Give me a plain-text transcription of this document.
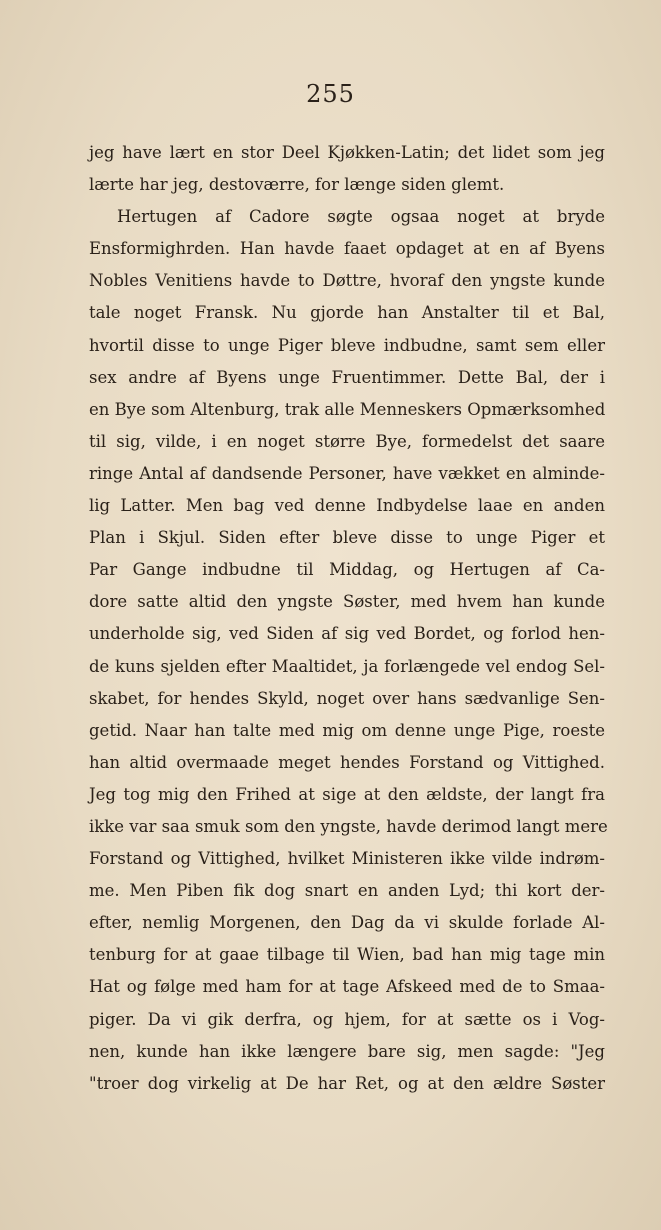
255
jeg have lært en stor Deel Kjøkken-Latin; det lidet som jeg
lærte har jeg, destoværre, for længe siden glemt.
Hertugen af Cadore søgte ogsaa noget at bryde
Ensformighrden. Han havde faaet opdaget at en af Byens
Nobles Venitiens havde to Døttre, hvoraf den yngste kunde
tale noget Fransk. Nu gjorde han Anstalter til et Bal,
hvortil disse to unge Piger bleve indbudne, samt sem eller
sex andre af Byens unge Fruentimmer. Dette Bal, der i
en Bye som Altenburg, trak alle Menneskers Opmærksomhed
til sig, vilde, i en noget større Bye, formedelst det saare
ringe Antal af dandsende Personer, have vækket en alminde-
lig Latter. Men bag ved denne Indbydelse laae en anden
Plan i Skjul. Siden efter bleve disse to unge Piger et
Par Gange indbudne til Middag, og Hertugen af Ca-
dore satte altid den yngste Søster, med hvem han kunde
underholde sig, ved Siden af sig ved Bordet, og forlod hen-
de kuns sjelden efter Maaltidet, ja forlængede vel endog Sel-
skabet, for hendes Skyld, noget over hans sædvanlige Sen-
getid. Naar han talte med mig om denne unge Pige, roeste
han altid overmaade meget hendes Forstand og Vittighed.
Jeg tog mig den Frihed at sige at den ældste, der langt fra
ikke var saa smuk som den yngste, havde derimod langt mere
Forstand og Vittighed, hvilket Ministeren ikke vilde indrøm-
me. Men Piben fik dog snart en anden Lyd; thi kort der-
efter, nemlig Morgenen, den Dag da vi skulde forlade Al-
tenburg for at gaae tilbage til Wien, bad han mig tage min
Hat og følge med ham for at tage Afskeed med de to Smaa-
piger. Da vi gik derfra, og hjem, for at sætte os i Vog-
nen, kunde han ikke længere bare sig, men sagde: "Jeg
"troer dog virkelig at De har Ret, og at den ældre Søster
